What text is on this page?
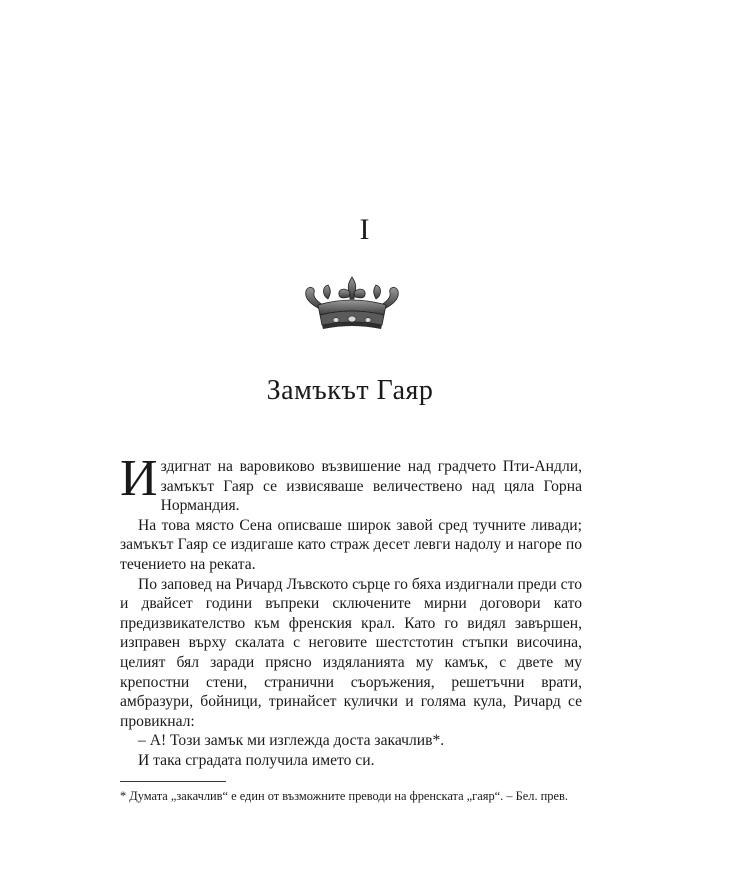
I
Замъкът Гаяр

Издигнат на варовиково възвишение над градчето Пти-Андли, замъкът Гаяр се извисяваше величествено над цяла Горна Нормандия.

На това място Сена описваше широк завой сред тучните ливади; замъкът Гаяр се издигаше като страж десет левги надолу и нагоре по течението на реката.

По заповед на Ричард Лъвското сърце го бяха издигнали преди сто и двайсет години въпреки сключените мирни договори като предизвикателство към френския крал. Като го видял завършен, изправен върху скалата с неговите шестстотин стъпки височина, целият бял заради прясно издяланията му камък, с двете му крепостни стени, странични съоръжения, решетъчни врати, амбразури, бойници, тринайсет кулички и голяма кула, Ричард се провикнал:

– А! Този замък ми изглежда доста закачлив*.

И така сградата получила името си.

* Думата „закачлив“ е един от възможните преводи на френската „гаяр“. – Бел. прев.
